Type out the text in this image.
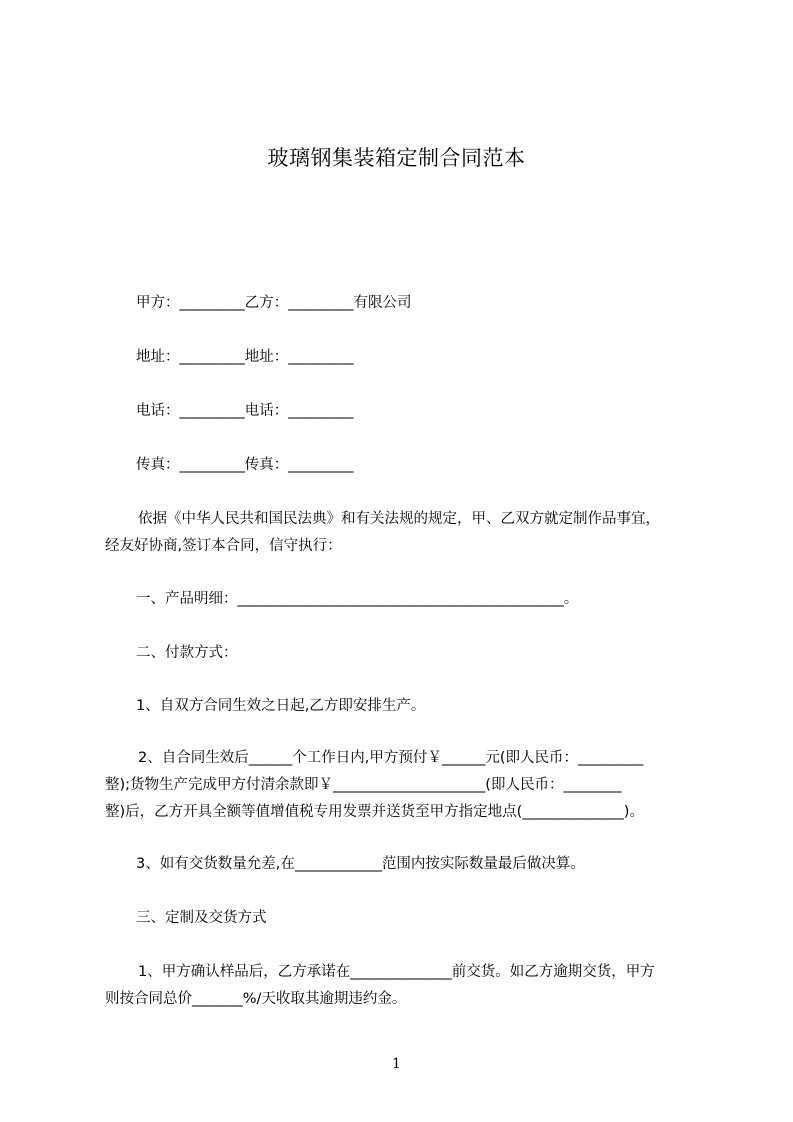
玻璃钢集装箱定制合同范本
甲方：_________乙方：_________有限公司
地址：_________地址：_________
电话：_________电话：_________
传真：_________传真：_________
依据《中华人民共和国民法典》和有关法规的规定，甲、乙双方就定制作品事宜，
经友好协商,签订本合同，信守执行：
一、产品明细：_____________________________________________。
二、付款方式：
1、自双方合同生效之日起,乙方即安排生产。
2、自合同生效后______个工作日内,甲方预付￥______元(即人民币：_________
整);货物生产完成甲方付清余款即￥_____________________(即人民币：________
整)后，乙方开具全额等值增值税专用发票并送货至甲方指定地点(______________)。
3、如有交货数量允差,在____________范围内按实际数量最后做决算。
三、定制及交货方式
1、甲方确认样品后，乙方承诺在______________前交货。如乙方逾期交货，甲方
则按合同总价_______%/天收取其逾期违约金。
1
